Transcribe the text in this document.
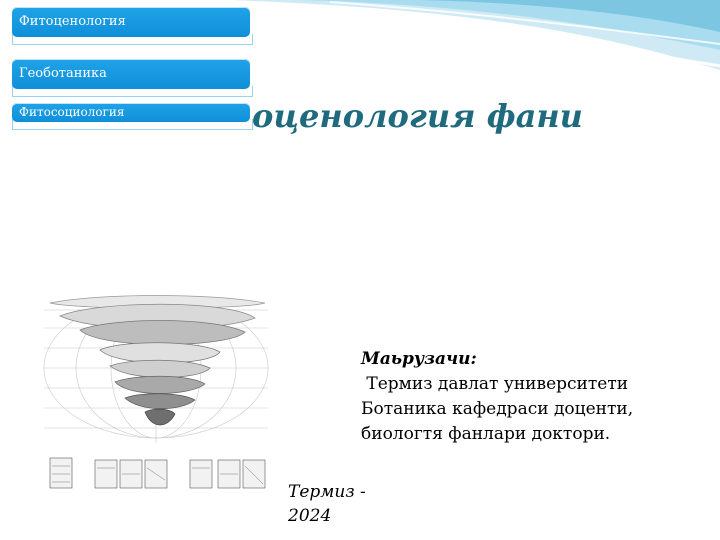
Фитоценология
Геоботаника
Фитосоциология	оценология фани
Маьрузачи:
Термиз давлат университети
Ботаника кафедраси доценти,
биологтя фанлари доктори.
Термиз -
2024
